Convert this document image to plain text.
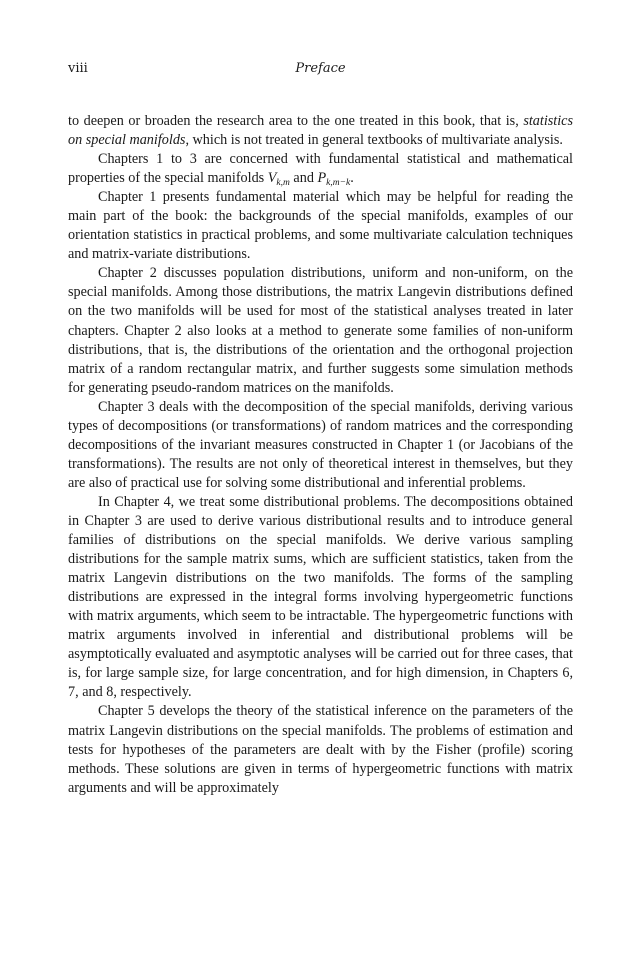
viii	Preface

to deepen or broaden the research area to the one treated in this book, that is, statistics on special manifolds, which is not treated in general textbooks of multivariate analysis.

Chapters 1 to 3 are concerned with fundamental statistical and mathematical properties of the special manifolds $V_{k,m}$ and $P_{k,m-k}$.

Chapter 1 presents fundamental material which may be helpful for reading the main part of the book: the backgrounds of the special manifolds, examples of our orientation statistics in practical problems, and some multivariate calculation techniques and matrix-variate distributions.

Chapter 2 discusses population distributions, uniform and non-uniform, on the special manifolds. Among those distributions, the matrix Langevin distributions defined on the two manifolds will be used for most of the statistical analyses treated in later chapters. Chapter 2 also looks at a method to generate some families of non-uniform distributions, that is, the distributions of the orientation and the orthogonal projection matrix of a random rectangular matrix, and further suggests some simulation methods for generating pseudo-random matrices on the manifolds.

Chapter 3 deals with the decomposition of the special manifolds, deriving various types of decompositions (or transformations) of random matrices and the corresponding decompositions of the invariant measures constructed in Chapter 1 (or Jacobians of the transformations). The results are not only of theoretical interest in themselves, but they are also of practical use for solving some distributional and inferential problems.

In Chapter 4, we treat some distributional problems. The decompositions obtained in Chapter 3 are used to derive various distributional results and to introduce general families of distributions on the special manifolds. We derive various sampling distributions for the sample matrix sums, which are sufficient statistics, taken from the matrix Langevin distributions on the two manifolds. The forms of the sampling distributions are expressed in the integral forms involving hypergeometric functions with matrix arguments, which seem to be intractable. The hypergeometric functions with matrix arguments involved in inferential and distributional problems will be asymptotically evaluated and asymptotic analyses will be carried out for three cases, that is, for large sample size, for large concentration, and for high dimension, in Chapters 6, 7, and 8, respectively.

Chapter 5 develops the theory of the statistical inference on the parameters of the matrix Langevin distributions on the special manifolds. The problems of estimation and tests for hypotheses of the parameters are dealt with by the Fisher (profile) scoring methods. These solutions are given in terms of hypergeometric functions with matrix arguments and will be approximately
